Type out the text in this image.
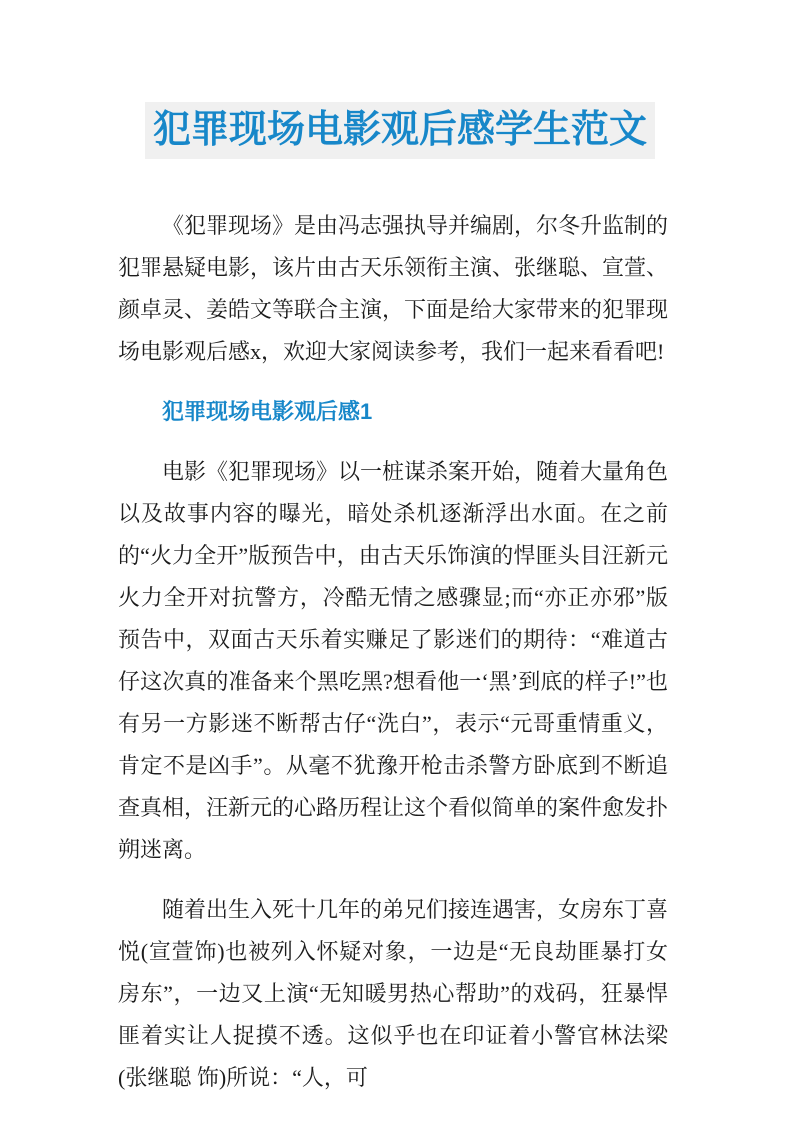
犯罪现场电影观后感学生范文

《犯罪现场》是由冯志强执导并编剧，尔冬升监制的犯罪悬疑电影，该片由古天乐领衔主演、张继聪、宣萱、颜卓灵、姜皓文等联合主演，下面是给大家带来的犯罪现场电影观后感x，欢迎大家阅读参考，我们一起来看看吧!

犯罪现场电影观后感1

电影《犯罪现场》以一桩谋杀案开始，随着大量角色以及故事内容的曝光，暗处杀机逐渐浮出水面。在之前的“火力全开”版预告中，由古天乐饰演的悍匪头目汪新元火力全开对抗警方，冷酷无情之感骤显;而“亦正亦邪”版预告中，双面古天乐着实赚足了影迷们的期待：“难道古仔这次真的准备来个黑吃黑?想看他一‘黑’到底的样子!”也有另一方影迷不断帮古仔“洗白”，表示“元哥重情重义，肯定不是凶手”。从毫不犹豫开枪击杀警方卧底到不断追查真相，汪新元的心路历程让这个看似简单的案件愈发扑朔迷离。

随着出生入死十几年的弟兄们接连遇害，女房东丁喜悦(宣萱饰)也被列入怀疑对象，一边是“无良劫匪暴打女房东”，一边又上演“无知暖男热心帮助”的戏码，狂暴悍匪着实让人捉摸不透。这似乎也在印证着小警官林法梁(张继聪 饰)所说：“人，可
